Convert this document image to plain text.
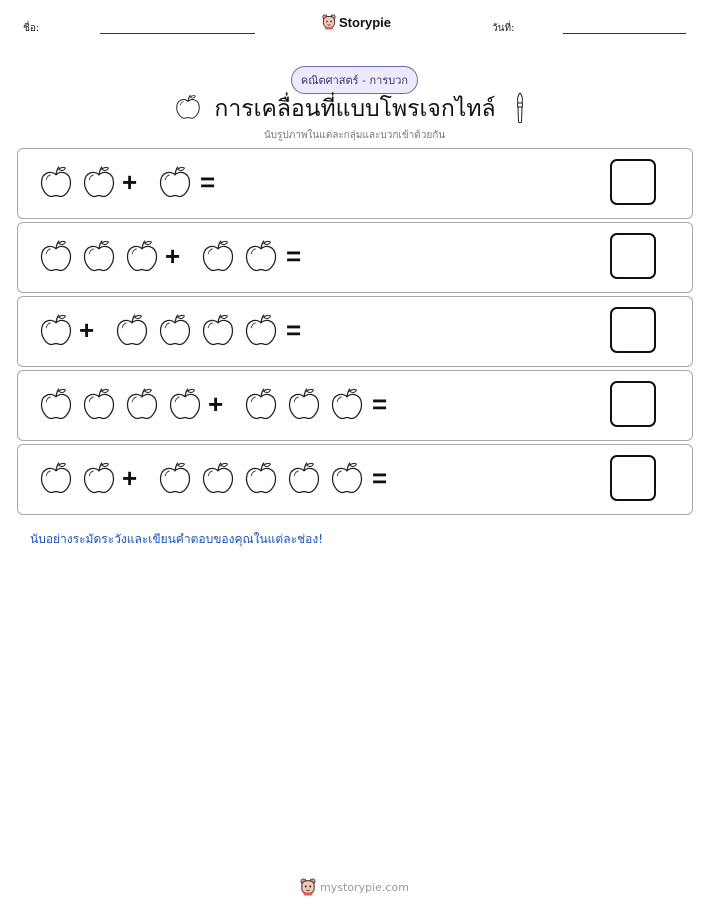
ชื่อ:	Storypie	วันที่:
คณิตศาสตร์ - การบวก
การเคลื่อนที่แบบโพรเจกไทล์
นับรูปภาพในแต่ละกลุ่มและบวกเข้าด้วยกัน
+ =
+	=
+	=
+	=
+	=
นับอย่างระมัดระวังและเขียนคำตอบของคุณในแต่ละช่อง!
mystorypie.com
